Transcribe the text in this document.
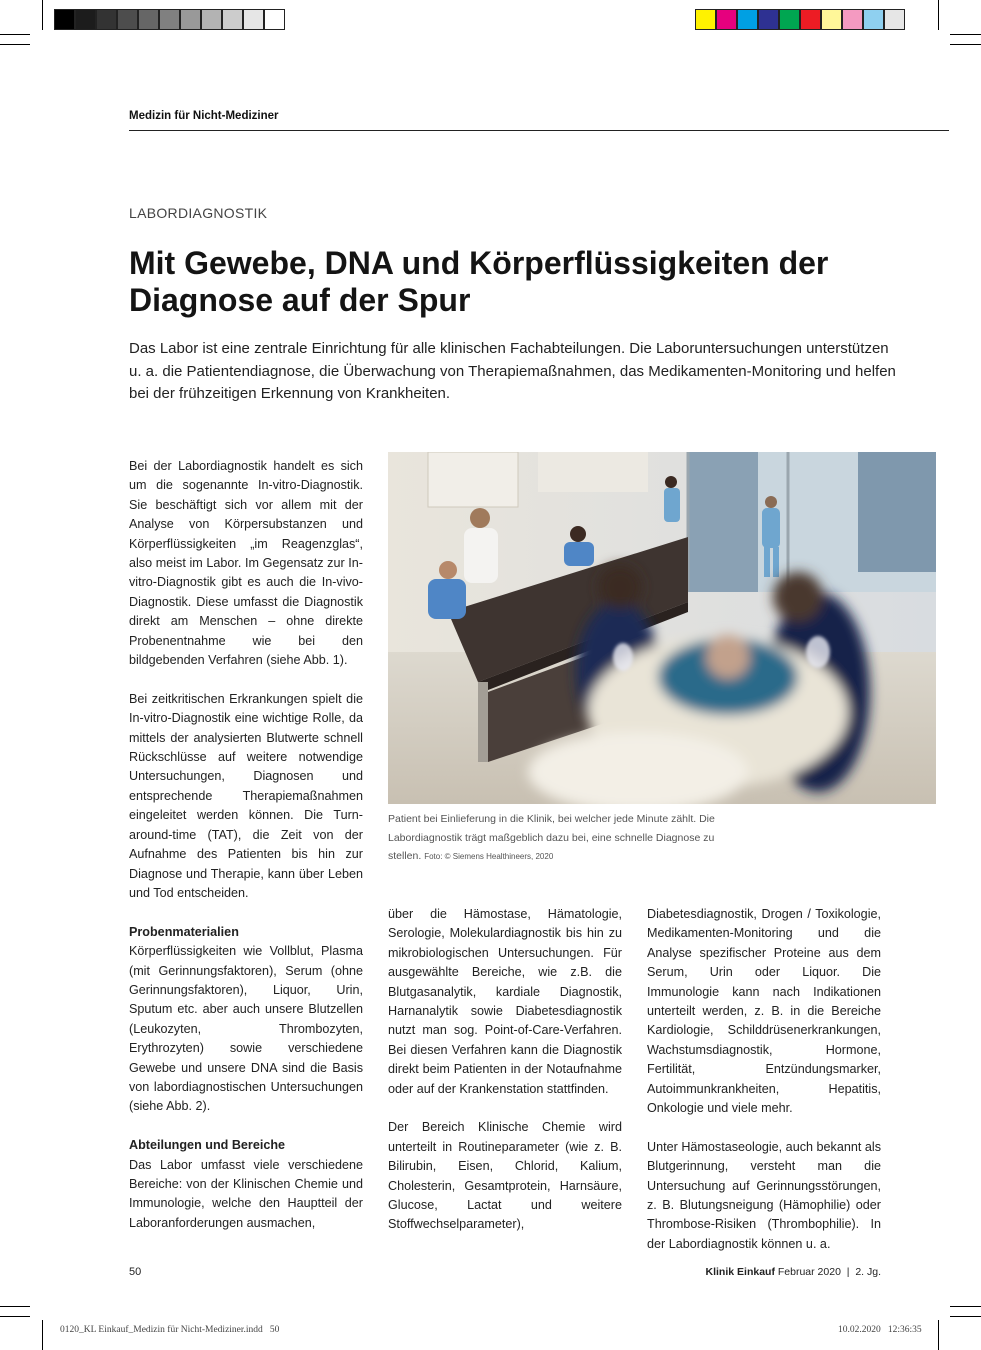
Medizin für Nicht-Mediziner
LABORDIAGNOSTIK
Mit Gewebe, DNA und Körperflüssigkeiten der Diagnose auf der Spur

Das Labor ist eine zentrale Einrichtung für alle klinischen Fachabteilungen. Die Laboruntersuchungen unterstützen u. a. die Patientendiagnose, die Überwachung von Therapiemaßnahmen, das Medikamenten-Monitoring und helfen bei der frühzeitigen Erkennung von Krankheiten.

Bei der Labordiagnostik handelt es sich um die sogenannte In-vitro-Diagnostik. Sie beschäftigt sich vor allem mit der Analyse von Körpersubstanzen und Körperflüssigkeiten „im Reagenzglas“, also meist im Labor. Im Gegensatz zur In-vitro-Diagnostik gibt es auch die In-vivo-Diagnostik. Diese umfasst die Diagnostik direkt am Menschen – ohne direkte Probenentnahme wie bei den bildgebenden Verfahren (siehe Abb. 1).

Bei zeitkritischen Erkrankungen spielt die In-vitro-Diagnostik eine wichtige Rolle, da mittels der analysierten Blutwerte schnell Rückschlüsse auf weitere notwendige Untersuchungen, Diagnosen und entsprechende Therapiemaßnahmen eingeleitet werden können. Die Turn-around-time (TAT), die Zeit von der Aufnahme des Patienten bis hin zur Diagnose und Therapie, kann über Leben und Tod entscheiden.

Probenmaterialien

Körperflüssigkeiten wie Vollblut, Plasma (mit Gerinnungsfaktoren), Serum (ohne Gerinnungsfaktoren), Liquor, Urin, Sputum etc. aber auch unsere Blutzellen (Leukozyten, Thrombozyten, Erythrozyten) sowie verschiedene Gewebe und unsere DNA sind die Basis von labordiagnostischen Untersuchungen (siehe Abb. 2).

Abteilungen und Bereiche

Das Labor umfasst viele verschiedene Bereiche: von der Klinischen Chemie und Immunologie, welche den Hauptteil der Laboranforderungen ausmachen,

Patient bei Einlieferung in die Klinik, bei welcher jede Minute zählt. Die Labordiagnostik trägt maßgeblich dazu bei, eine schnelle Diagnose zu stellen. Foto: © Siemens Healthineers, 2020

über die Hämostase, Hämatologie, Serologie, Molekulardiagnostik bis hin zu mikrobiologischen Untersuchungen. Für ausgewählte Bereiche, wie z.B. die Blutgasanalytik, kardiale Diagnostik, Harnanalytik sowie Diabetesdiagnostik nutzt man sog. Point-of-Care-Verfahren. Bei diesen Verfahren kann die Diagnostik direkt beim Patienten in der Notaufnahme oder auf der Krankenstation stattfinden.

Der Bereich Klinische Chemie wird unterteilt in Routineparameter (wie z. B. Bilirubin, Eisen, Chlorid, Kalium, Cholesterin, Gesamtprotein, Harnsäure, Glucose, Lactat und weitere Stoffwechselparameter),

Diabetesdiagnostik, Drogen / Toxikologie, Medikamenten-Monitoring und die Analyse spezifischer Proteine aus dem Serum, Urin oder Liquor. Die Immunologie kann nach Indikationen unterteilt werden, z. B. in die Bereiche Kardiologie, Schilddrüsenerkrankungen, Wachstumsdiagnostik, Hormone, Fertilität, Entzündungsmarker, Autoimmunkrankheiten, Hepatitis, Onkologie und viele mehr.

Unter Hämostaseologie, auch bekannt als Blutgerinnung, versteht man die Untersuchung auf Gerinnungsstörungen, z. B. Blutungsneigung (Hämophilie) oder Thrombose-Risiken (Thrombophilie). In der Labordiagnostik können u. a.

50	Klinik Einkauf Februar 2020  |  2. Jg.
0120_KL Einkauf_Medizin für Nicht-Mediziner.indd   50	10.02.2020   12:36:35
